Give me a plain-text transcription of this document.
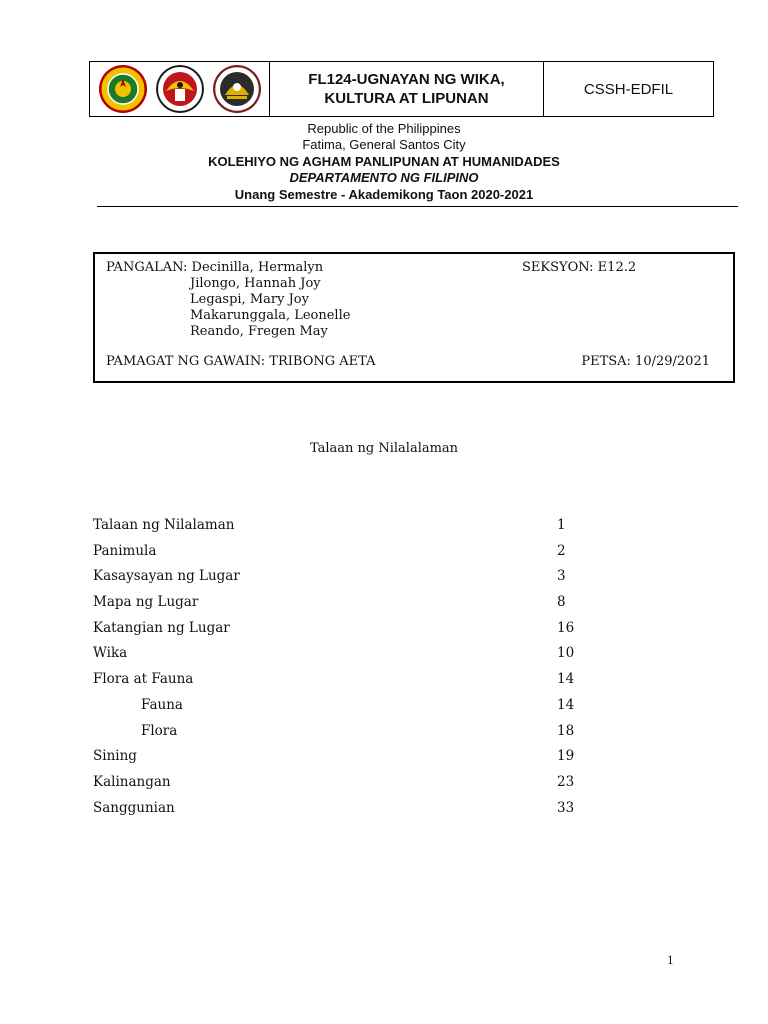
FL124-UGNAYAN NG WIKA,
KULTURA AT LIPUNAN
CSSH-EDFIL
Republic of the Philippines
Fatima, General Santos City
KOLEHIYO NG AGHAM PANLIPUNAN AT HUMANIDADES
DEPARTAMENTO NG FILIPINO
Unang Semestre - Akademikong Taon 2020-2021
PANGALAN: Decinilla, Hermalyn
Jilongo, Hannah Joy
Legaspi, Mary Joy
Makarunggala, Leonelle
Reando, Fregen May
SEKSYON: E12.2
PAMAGAT NG GAWAIN: TRIBONG AETA	PETSA: 10/29/2021
Talaan ng Nilalalaman
Talaan ng Nilalaman	1
Panimula	2
Kasaysayan ng Lugar	3
Mapa ng Lugar	8
Katangian ng Lugar	16
Wika	10
Flora at Fauna	14
Fauna	14
Flora	18
Sining	19
Kalinangan	23
Sanggunian	33
1
